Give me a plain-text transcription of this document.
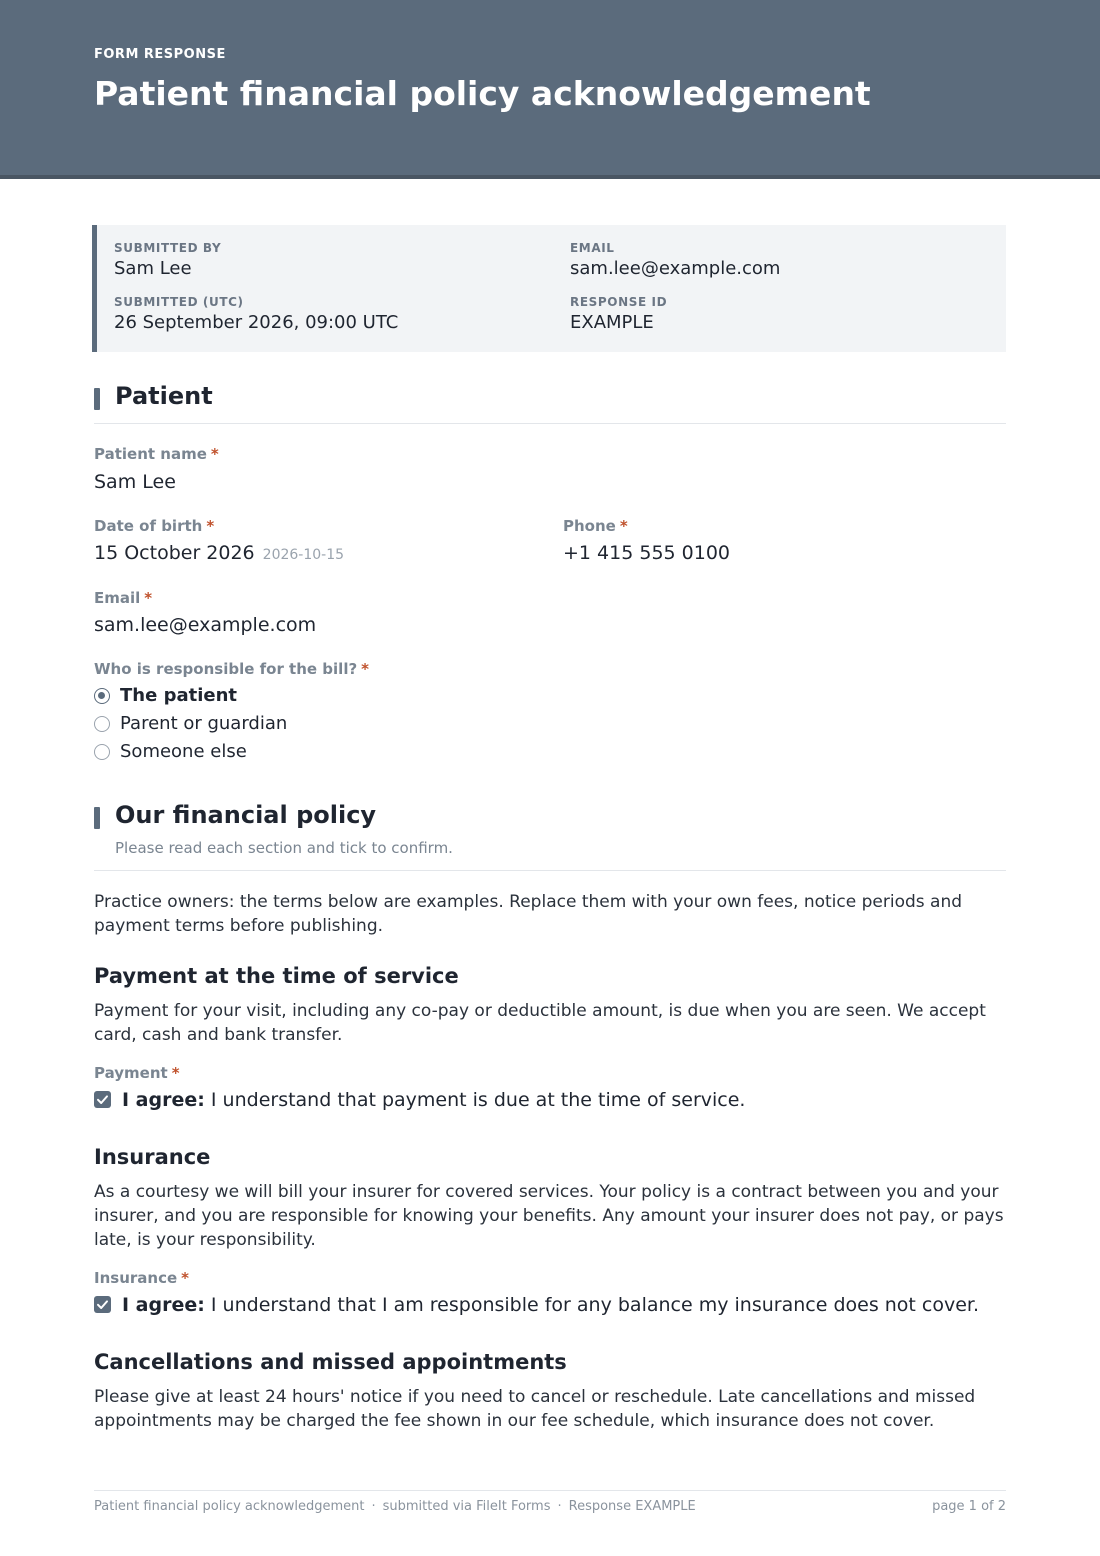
FORM RESPONSE
Patient financial policy acknowledgement
SUBMITTED BY
Sam Lee
EMAIL
sam.lee@example.com
SUBMITTED (UTC)
26 September 2026, 09:00 UTC
RESPONSE ID
EXAMPLE
Patient
Patient name *
Sam Lee
Date of birth *
15 October 2026 2026-10-15
Phone *
+1 415 555 0100
Email *
sam.lee@example.com
Who is responsible for the bill? *
The patient
Parent or guardian
Someone else
Our financial policy
Please read each section and tick to confirm.
Practice owners: the terms below are examples. Replace them with your own fees, notice periods and payment terms before publishing.
Payment at the time of service
Payment for your visit, including any co-pay or deductible amount, is due when you are seen. We accept card, cash and bank transfer.
Payment *
I agree: I understand that payment is due at the time of service.
Insurance
As a courtesy we will bill your insurer for covered services. Your policy is a contract between you and your insurer, and you are responsible for knowing your benefits. Any amount your insurer does not pay, or pays late, is your responsibility.
Insurance *
I agree: I understand that I am responsible for any balance my insurance does not cover.
Cancellations and missed appointments
Please give at least 24 hours' notice if you need to cancel or reschedule. Late cancellations and missed appointments may be charged the fee shown in our fee schedule, which insurance does not cover.
Patient financial policy acknowledgement · submitted via FileIt Forms · Response EXAMPLE	page 1 of 2
